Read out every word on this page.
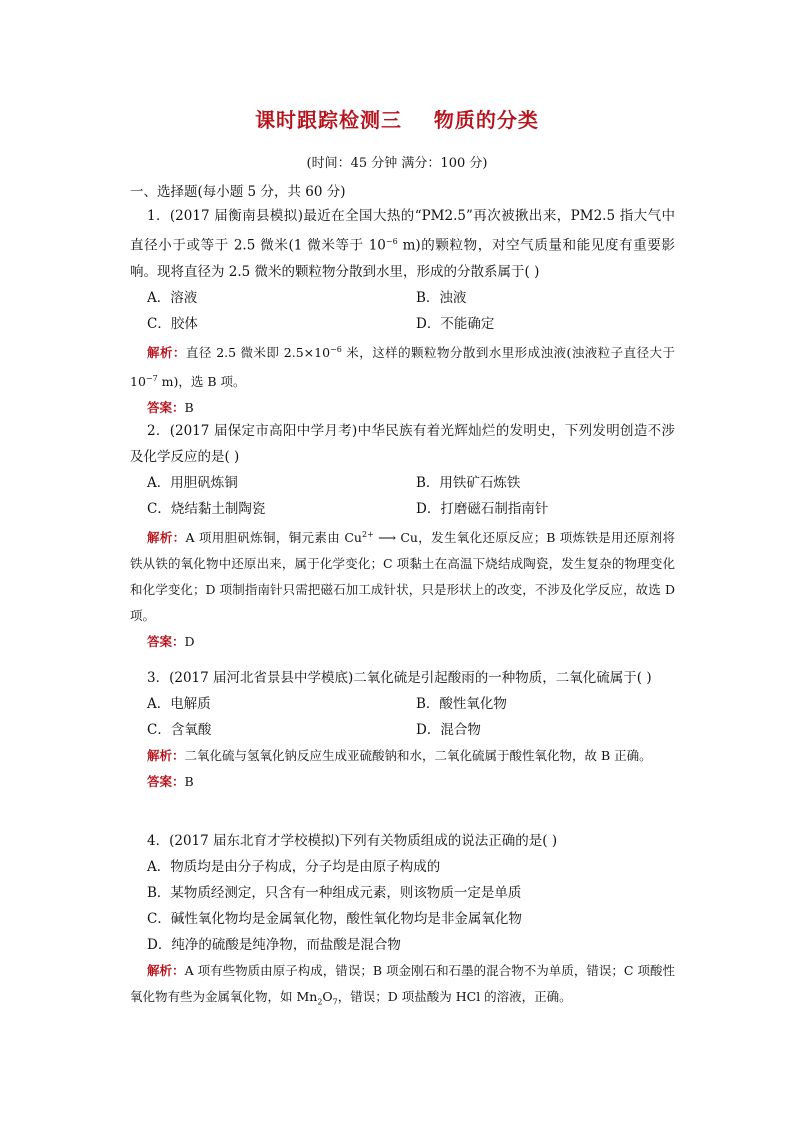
课时跟踪检测三    物质的分类
(时间：45 分钟 满分：100 分)
一、选择题(每小题 5 分，共 60 分)
1．(2017 届衡南县模拟)最近在全国大热的“PM2.5”再次被揪出来，PM2.5 指大气中直径小于或等于 2.5 微米(1 微米等于 $10^{-6}$ m)的颗粒物，对空气质量和能见度有重要影响。现将直径为 2.5 微米的颗粒物分散到水里，形成的分散系属于( )
A．溶液	B．浊液
C．胶体	D．不能确定
解析：直径 2.5 微米即 $2.5\times 10^{-6}$ 米，这样的颗粒物分散到水里形成浊液(浊液粒子直径大于 $10^{-7}$ m)，选 B 项。
答案：B
2．(2017 届保定市高阳中学月考)中华民族有着光辉灿烂的发明史，下列发明创造不涉及化学反应的是( )
A．用胆矾炼铜	B．用铁矿石炼铁
C．烧结黏土制陶瓷	D．打磨磁石制指南针
解析：A 项用胆矾炼铜，铜元素由 $Cu^{2+}$ ⟶ Cu，发生氧化还原反应；B 项炼铁是用还原剂将铁从铁的氧化物中还原出来，属于化学变化；C 项黏土在高温下烧结成陶瓷，发生复杂的物理变化和化学变化；D 项制指南针只需把磁石加工成针状，只是形状上的改变，不涉及化学反应，故选 D 项。
答案：D
3．(2017 届河北省景县中学模底)二氧化硫是引起酸雨的一种物质，二氧化硫属于( )
A．电解质	B．酸性氧化物
C．含氧酸	D．混合物
解析：二氧化硫与氢氧化钠反应生成亚硫酸钠和水，二氧化硫属于酸性氧化物，故 B 正确。
答案：B
4．(2017 届东北育才学校模拟)下列有关物质组成的说法正确的是( )
A．物质均是由分子构成，分子均是由原子构成的
B．某物质经测定，只含有一种组成元素，则该物质一定是单质
C．碱性氧化物均是金属氧化物，酸性氧化物均是非金属氧化物
D．纯净的硫酸是纯净物，而盐酸是混合物
解析：A 项有些物质由原子构成，错误；B 项金刚石和石墨的混合物不为单质，错误；C 项酸性氧化物有些为金属氧化物，如 $Mn_2O_7$，错误；D 项盐酸为 HCl 的溶液，正确。
